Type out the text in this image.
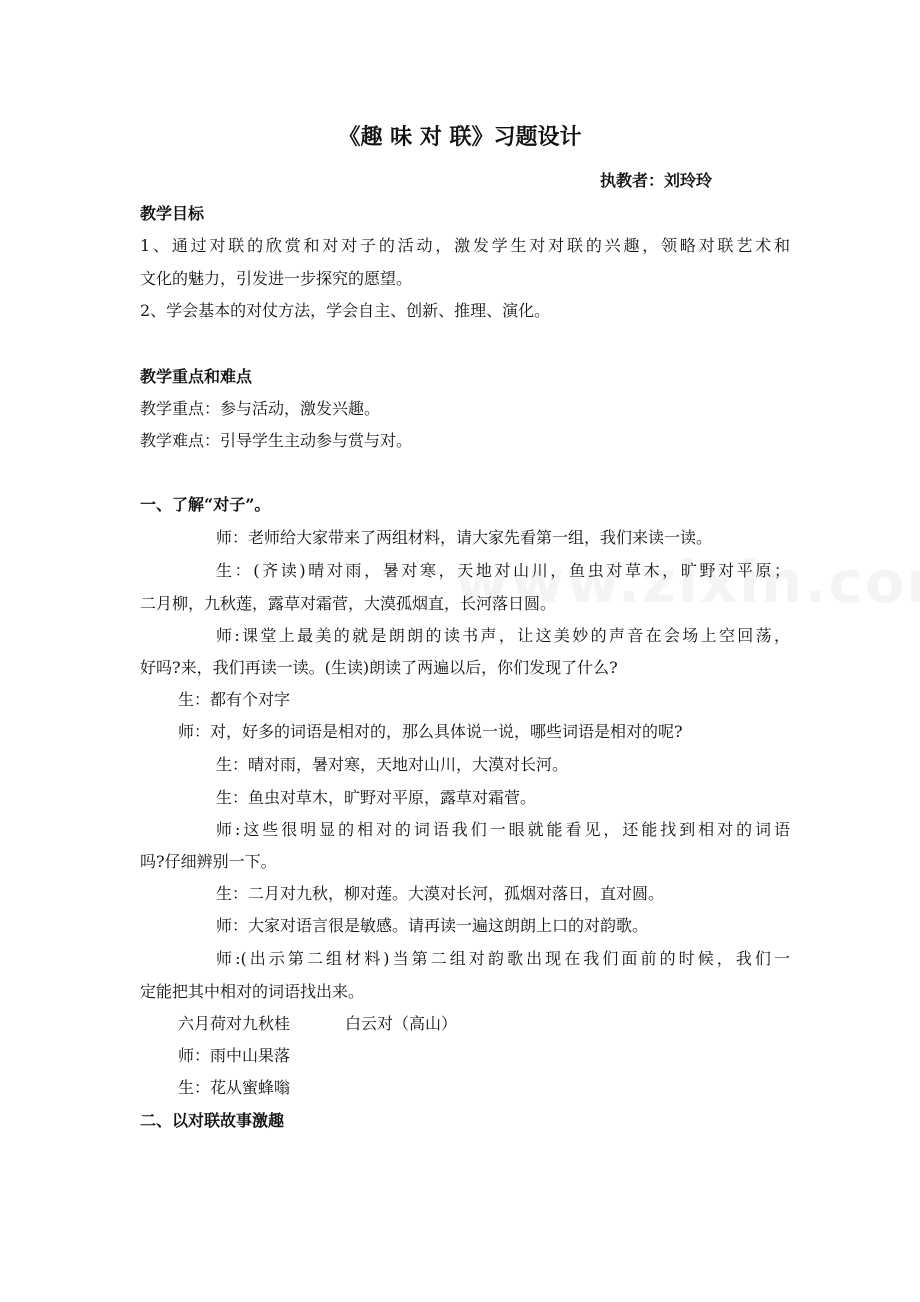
《趣 味 对 联》习题设计
执教者：刘玲玲
教学目标
1、通过对联的欣赏和对对子的活动，激发学生对对联的兴趣，领略对联艺术和
文化的魅力，引发进一步探究的愿望。
2、学会基本的对仗方法，学会自主、创新、推理、演化。
教学重点和难点
教学重点：参与活动，激发兴趣。
教学难点：引导学生主动参与赏与对。
一、了解“对子”。
师：老师给大家带来了两组材料，请大家先看第一组，我们来读一读。
生：(齐读)晴对雨，暑对寒，天地对山川，鱼虫对草木，旷野对平原；
二月柳，九秋莲，露草对霜菅，大漠孤烟直，长河落日圆。
师:课堂上最美的就是朗朗的读书声，让这美妙的声音在会场上空回荡，
好吗?来，我们再读一读。(生读)朗读了两遍以后，你们发现了什么?
生：都有个对字
师：对，好多的词语是相对的，那么具体说一说，哪些词语是相对的呢?
生：晴对雨，暑对寒，天地对山川，大漠对长河。
生：鱼虫对草木，旷野对平原，露草对霜菅。
师:这些很明显的相对的词语我们一眼就能看见，还能找到相对的词语
吗?仔细辨别一下。
生：二月对九秋，柳对莲。大漠对长河，孤烟对落日，直对圆。
师：大家对语言很是敏感。请再读一遍这朗朗上口的对韵歌。
师:(出示第二组材料)当第二组对韵歌出现在我们面前的时候，我们一
定能把其中相对的词语找出来。
六月荷对九秋桂	白云对（高山）
师：雨中山果落
生：花从蜜蜂嗡
二、以对联故事激趣
